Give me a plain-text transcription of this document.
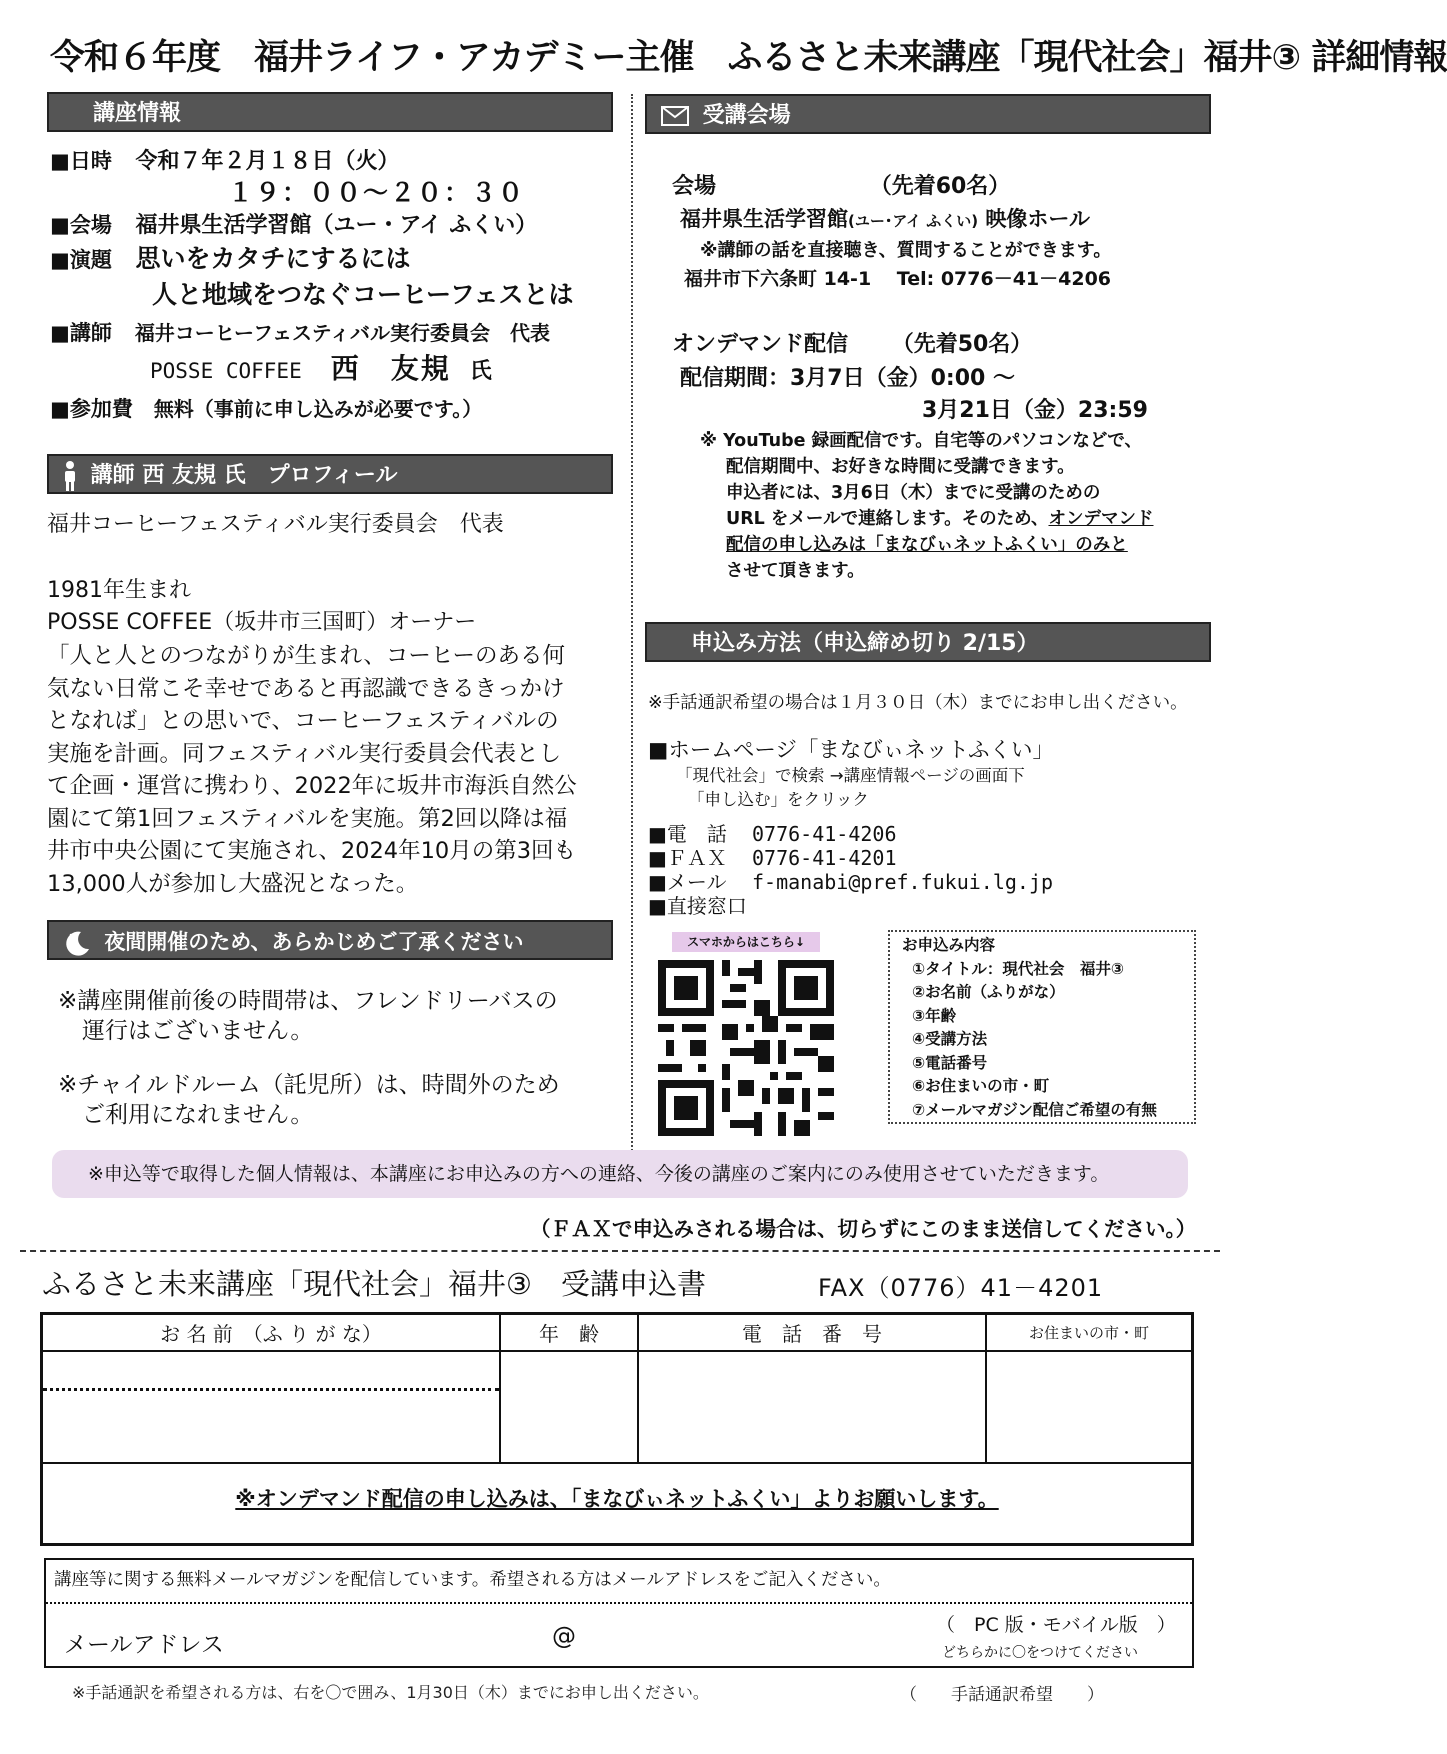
令和６年度　福井ライフ・アカデミー主催　ふるさと未来講座「現代社会」福井③ 詳細情報
講座情報
■日時 令和７年２月１８日（火）
１９：００～２０：３０
■会場 福井県生活学習館（ユー・アイ ふくい）
■演題 思いをカタチにするには
人と地域をつなぐコーヒーフェスとは
■講師 福井コーヒーフェスティバル実行委員会　代表
POSSE COFFEE 西　友規 氏
■参加費 無料（事前に申し込みが必要です。）
講師 西 友規 氏　プロフィール
福井コーヒーフェスティバル実行委員会　代表
1981年生まれ
POSSE COFFEE（坂井市三国町）オーナー
「人と人とのつながりが生まれ、コーヒーのある何
気ない日常こそ幸せであると再認識できるきっかけ
となれば」との思いで、コーヒーフェスティバルの
実施を計画。同フェスティバル実行委員会代表とし
て企画・運営に携わり、2022年に坂井市海浜自然公
園にて第1回フェスティバルを実施。第2回以降は福
井市中央公園にて実施され、2024年10月の第3回も
13,000人が参加し大盛況となった。
夜間開催のため、あらかじめご了承ください
※講座開催前後の時間帯は、フレンドリーバスの
運行はございません。
※チャイルドルーム（託児所）は、時間外のため
ご利用になれません。
受講会場
会場	（先着60名）
福井県生活学習館(ユー･アイ ふくい) 映像ホール
※講師の話を直接聴き、質問することができます。
福井市下六条町 14-1　 Tel: 0776－41－4206
オンデマンド配信 （先着50名）
配信期間：3月7日（金）0:00 ～
3月21日（金）23:59
※ YouTube 録画配信です。自宅等のパソコンなどで、
配信期間中、お好きな時間に受講できます。
申込者には、3月6日（木）までに受講のための
URL をメールで連絡します。そのため、オンデマンド
配信の申し込みは「まなびぃネットふくい」のみと
させて頂きます。
申込み方法（申込締め切り 2/15）
※手話通訳希望の場合は１月３０日（木）までにお申し出ください。
■ホームページ「まなびぃネットふくい」
「現代社会」で検索 →講座情報ページの画面下
「申し込む」をクリック
■電　話 0776-41-4206
■ＦＡＸ 0776-41-4201
■メール f-manabi@pref.fukui.lg.jp
■直接窓口
スマホからはこちら↓	お申込み内容
①タイトル：現代社会　福井③
②お名前（ふりがな）
③年齢
④受講方法
⑤電話番号
⑥お住まいの市・町
⑦メールマガジン配信ご希望の有無
※申込等で取得した個人情報は、本講座にお申込みの方への連絡、今後の講座のご案内にのみ使用させていただきます。
（ＦＡＸで申込みされる場合は、切らずにこのまま送信してください。）
ふるさと未来講座「現代社会」福井③　受講申込書	FAX（0776）41－4201
お 名 前　（ふ り が な）	年　齢	電　話　番　号	お住まいの市・町

※オンデマンド配信の申し込みは、「まなびぃネットふくい」よりお願いします。
講座等に関する無料メールマガジンを配信しています。希望される方はメールアドレスをご記入ください。
メールアドレス	@	（　PC 版・モバイル版　）
どちらかに〇をつけてください
※手話通訳を希望される方は、右を〇で囲み、1月30日（木）までにお申し出ください。	（　　手話通訳希望　　）
